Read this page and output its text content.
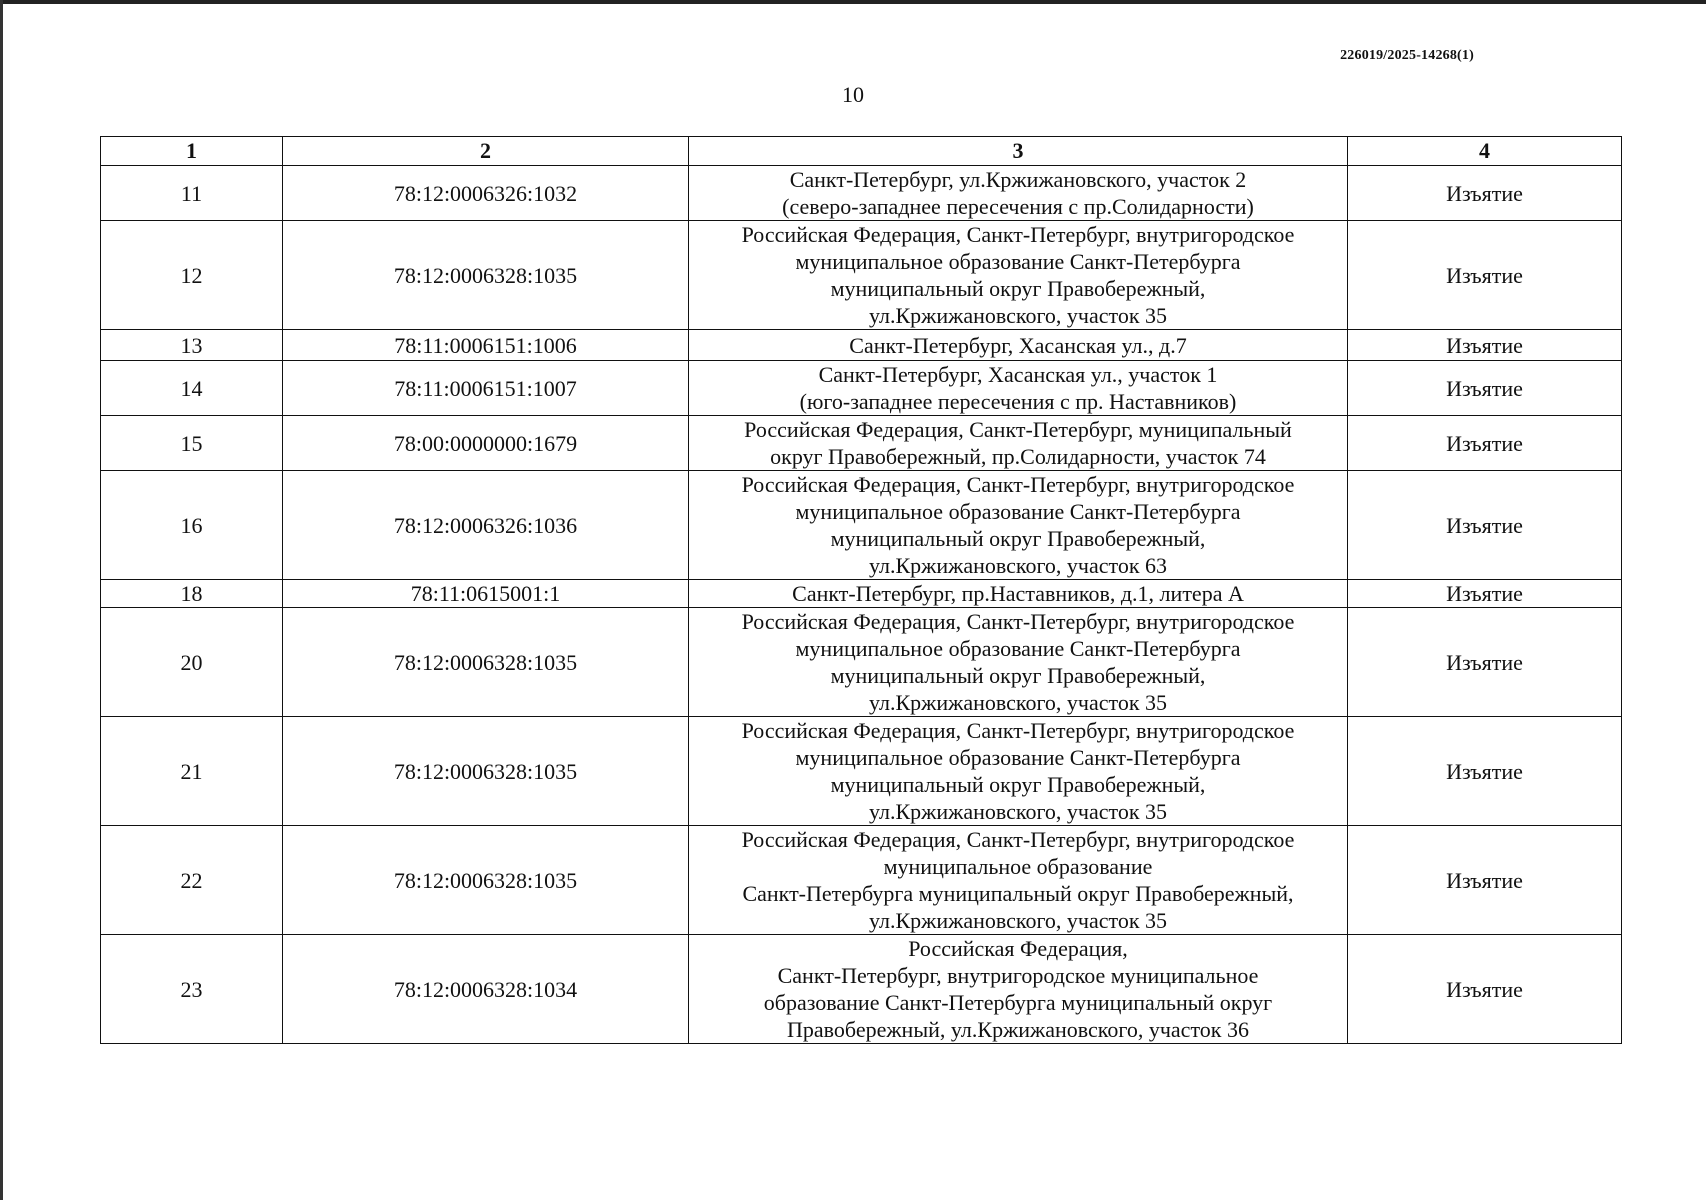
226019/2025-14268(1)
10
1	2	3	4
11	78:12:0006326:1032	Санкт-Петербург, ул.Кржижановского, участок 2
(северо-западнее пересечения с пр.Солидарности)	Изъятие
12	78:12:0006328:1035	Российская Федерация, Санкт-Петербург, внутригородское
муниципальное образование Санкт-Петербурга
муниципальный округ Правобережный,
ул.Кржижановского, участок 35	Изъятие
13	78:11:0006151:1006	Санкт-Петербург, Хасанская ул., д.7	Изъятие
14	78:11:0006151:1007	Санкт-Петербург, Хасанская ул., участок 1
(юго-западнее пересечения с пр. Наставников)	Изъятие
15	78:00:0000000:1679	Российская Федерация, Санкт-Петербург, муниципальный
округ Правобережный, пр.Солидарности, участок 74	Изъятие
16	78:12:0006326:1036	Российская Федерация, Санкт-Петербург, внутригородское
муниципальное образование Санкт-Петербурга
муниципальный округ Правобережный,
ул.Кржижановского, участок 63	Изъятие
18	78:11:0615001:1	Санкт-Петербург, пр.Наставников, д.1, литера А	Изъятие
20	78:12:0006328:1035	Российская Федерация, Санкт-Петербург, внутригородское
муниципальное образование Санкт-Петербурга
муниципальный округ Правобережный,
ул.Кржижановского, участок 35	Изъятие
21	78:12:0006328:1035	Российская Федерация, Санкт-Петербург, внутригородское
муниципальное образование Санкт-Петербурга
муниципальный округ Правобережный,
ул.Кржижановского, участок 35	Изъятие
22	78:12:0006328:1035	Российская Федерация, Санкт-Петербург, внутригородское
муниципальное образование
Санкт-Петербурга муниципальный округ Правобережный,
ул.Кржижановского, участок 35	Изъятие
23	78:12:0006328:1034	Российская Федерация,
Санкт-Петербург, внутригородское муниципальное
образование Санкт-Петербурга муниципальный округ
Правобережный, ул.Кржижановского, участок 36	Изъятие
